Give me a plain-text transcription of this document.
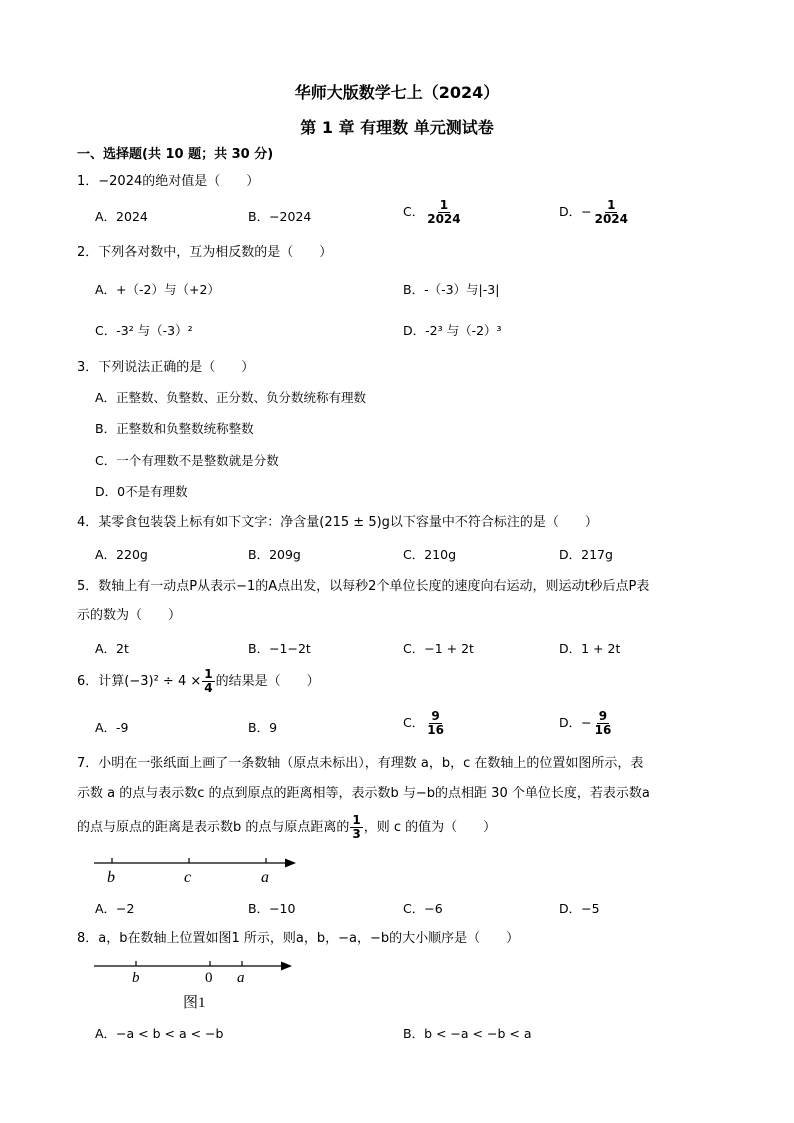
华师大版数学七上（2024）
第 1 章 有理数 单元测试卷
一、选择题(共 10 题；共 30 分)
1．−2024的绝对值是（　　）
A．2024	B．−2024	C． $\frac{1}{2024}$	D．− $\frac{1}{2024}$
2．下列各对数中，互为相反数的是（　　）
A．+（-2）与（+2）	B．-（-3）与|-3|
C．-3² 与（-3）²	D．-2³ 与（-2）³
3．下列说法正确的是（　　）
A．正整数、负整数、正分数、负分数统称有理数
B．正整数和负整数统称整数
C．一个有理数不是整数就是分数
D．0不是有理数
4．某零食包装袋上标有如下文字：净含量(215 ± 5)g以下容量中不符合标注的是（　　）
A．220g	B．209g	C．210g	D．217g
5．数轴上有一动点P从表示−1的A点出发，以每秒2个单位长度的速度向右运动，则运动t秒后点P表
示的数为（　　）
A．2t	B．−1−2t	C．−1 + 2t	D．1 + 2t
6．计算$(-3)^2 \div 4 \times \frac{1}{4}$ 的结果是（　　）
A．-9	B．9	C． $\frac{9}{16}$	D．− $\frac{9}{16}$
7．小明在一张纸面上画了一条数轴（原点未标出），有理数 a，b，c 在数轴上的位置如图所示，表
示数 a 的点与表示数c 的点到原点的距离相等，表示数b 与−b的点相距 30 个单位长度，若表示数a
的点与原点的距离是表示数b 的点与原点距离的 $\frac{1}{3}$ ，则 c 的值为（　　）
b	c	a
A．−2	B．−10	C．−6	D．−5
8．a，b在数轴上位置如图1 所示，则a，b，−a，−b的大小顺序是（　　）
b	0 a
图1
A．−a < b < a < −b	B．b < −a < −b < a
